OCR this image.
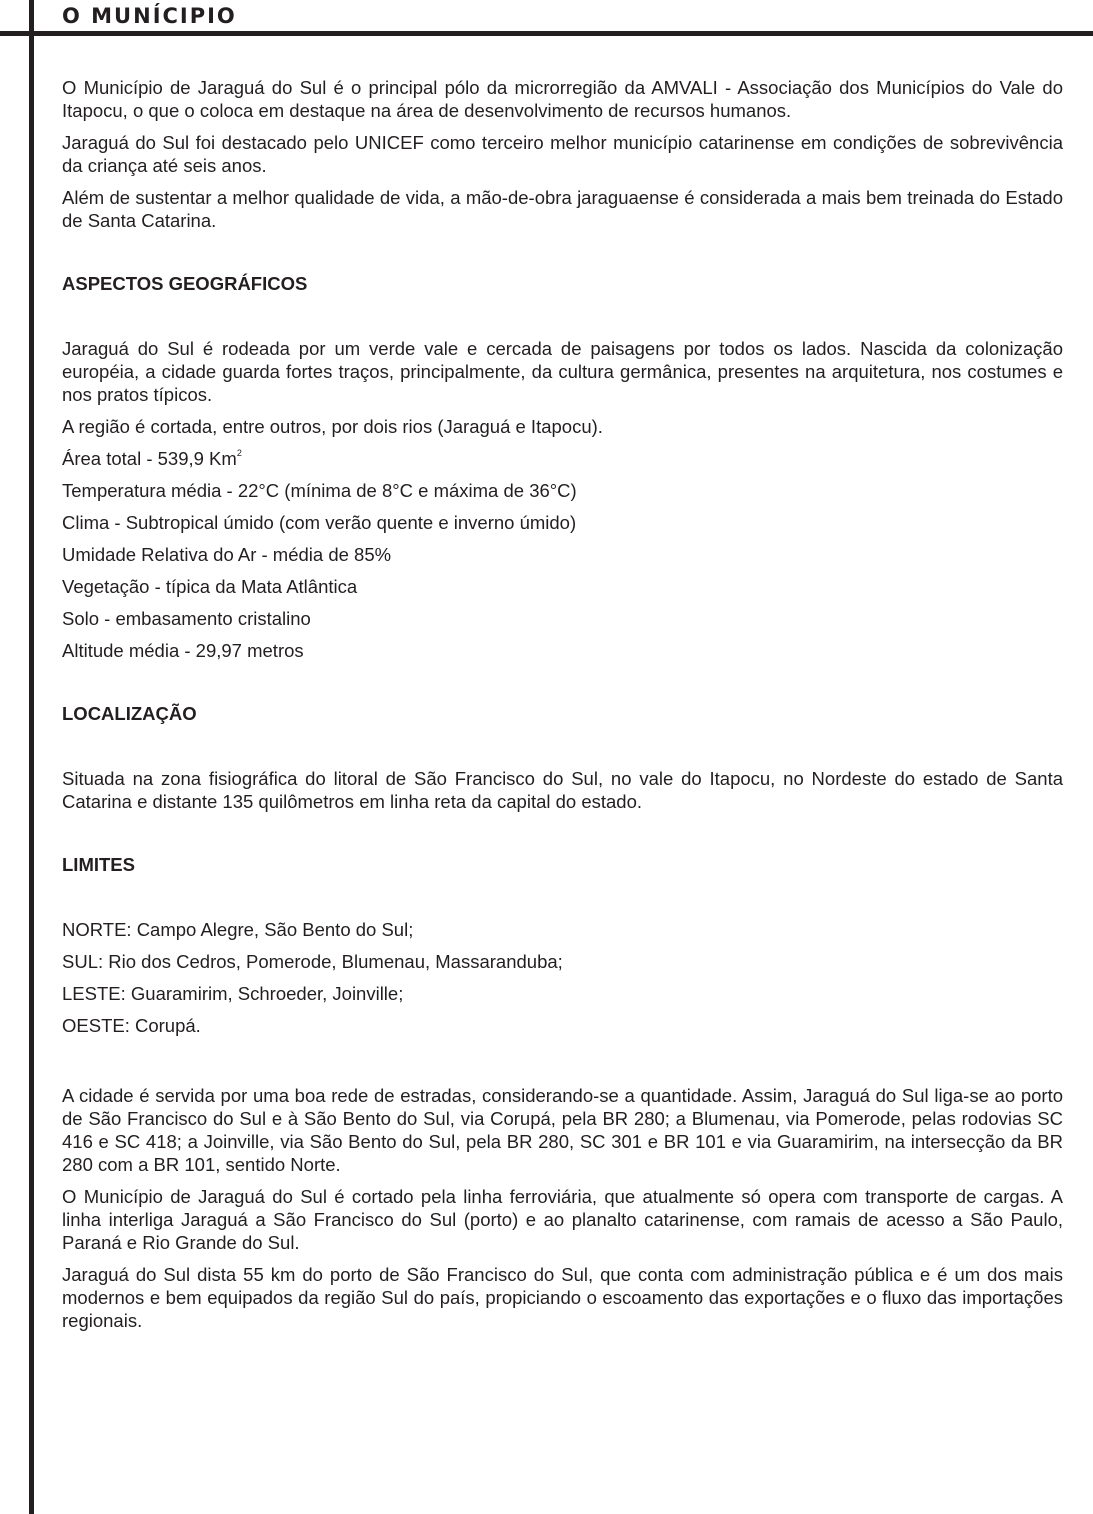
O MUNÍCIPIO

O Município de Jaraguá do Sul é o principal pólo da microrregião da AMVALI - Associação dos Municípios do Vale do Itapocu, o que o coloca em destaque na área de desenvolvimento de recursos humanos.

Jaraguá do Sul foi destacado pelo UNICEF como terceiro melhor município catarinense em condições de sobrevivência da criança até seis anos.

Além de sustentar a melhor qualidade de vida, a mão-de-obra jaraguaense é considerada a mais bem treinada do Estado de Santa Catarina.

ASPECTOS GEOGRÁFICOS

Jaraguá do Sul é rodeada por um verde vale e cercada de paisagens por todos os lados. Nascida da colonização européia, a cidade guarda fortes traços, principalmente, da cultura germânica, presentes na arquitetura, nos costumes e nos pratos típicos.

A região é cortada, entre outros, por dois rios (Jaraguá e Itapocu).

Área total - 539,9 Km$^2$

Temperatura média - 22°C (mínima de 8°C e máxima de 36°C)

Clima - Subtropical úmido (com verão quente e inverno úmido)

Umidade Relativa do Ar - média de 85%

Vegetação - típica da Mata Atlântica

Solo - embasamento cristalino

Altitude média - 29,97 metros

LOCALIZAÇÃO

Situada na zona fisiográfica do litoral de São Francisco do Sul, no vale do Itapocu, no Nordeste do estado de Santa Catarina e distante 135 quilômetros em linha reta da capital do estado.

LIMITES

NORTE: Campo Alegre, São Bento do Sul;

SUL: Rio dos Cedros, Pomerode, Blumenau, Massaranduba;

LESTE: Guaramirim, Schroeder, Joinville;

OESTE: Corupá.

A cidade é servida por uma boa rede de estradas, considerando-se a quantidade. Assim, Jaraguá do Sul liga-se ao porto de São Francisco do Sul e à São Bento do Sul, via Corupá, pela BR 280; a Blumenau, via Pomerode, pelas rodovias SC 416 e SC 418; a Joinville, via São Bento do Sul, pela BR 280, SC 301 e BR 101 e via Guaramirim, na intersecção da BR 280 com a BR 101, sentido Norte.

O Município de Jaraguá do Sul é cortado pela linha ferroviária, que atualmente só opera com transporte de cargas. A linha interliga Jaraguá a São Francisco do Sul (porto) e ao planalto catarinense, com ramais de acesso a São Paulo, Paraná e Rio Grande do Sul.

Jaraguá do Sul dista 55 km do porto de São Francisco do Sul, que conta com administração pública e é um dos mais modernos e bem equipados da região Sul do país, propiciando o escoamento das exportações e o fluxo das importações regionais.
